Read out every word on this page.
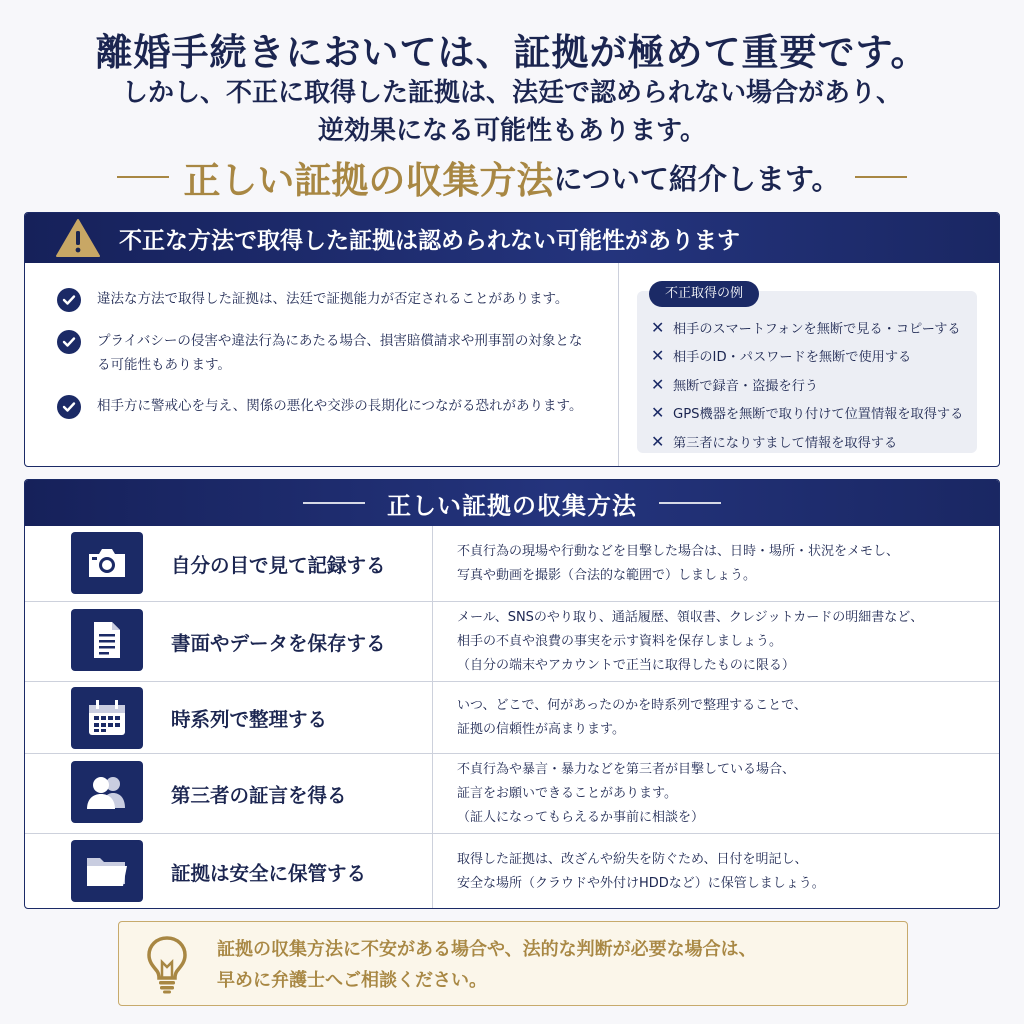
離婚手続きにおいては、証拠が極めて重要です。
しかし、不正に取得した証拠は、法廷で認められない場合があり、
逆効果になる可能性もあります。
正しい証拠の収集方法 について紹介します。
不正な方法で取得した証拠は認められない可能性があります
違法な方法で取得した証拠は、法廷で証拠能力が否定されることがあります。
プライバシーの侵害や違法行為にあたる場合、損害賠償請求や刑事罰の対象となる可能性もあります。
相手方に警戒心を与え、関係の悪化や交渉の長期化につながる恐れがあります。
不正取得の例
✕ 相手のスマートフォンを無断で見る・コピーする
✕ 相手のID・パスワードを無断で使用する
✕ 無断で録音・盗撮を行う
✕ GPS機器を無断で取り付けて位置情報を取得する
✕ 第三者になりすまして情報を取得する
正しい証拠の収集方法
自分の目で見て記録する
不貞行為の現場や行動などを目撃した場合は、日時・場所・状況をメモし、
写真や動画を撮影（合法的な範囲で）しましょう。
書面やデータを保存する
メール、SNSのやり取り、通話履歴、領収書、クレジットカードの明細書など、
相手の不貞や浪費の事実を示す資料を保存しましょう。
（自分の端末やアカウントで正当に取得したものに限る）
時系列で整理する
いつ、どこで、何があったのかを時系列で整理することで、
証拠の信頼性が高まります。
第三者の証言を得る
不貞行為や暴言・暴力などを第三者が目撃している場合、
証言をお願いできることがあります。
（証人になってもらえるか事前に相談を）
証拠は安全に保管する
取得した証拠は、改ざんや紛失を防ぐため、日付を明記し、
安全な場所（クラウドや外付けHDDなど）に保管しましょう。
証拠の収集方法に不安がある場合や、法的な判断が必要な場合は、
早めに弁護士へご相談ください。
